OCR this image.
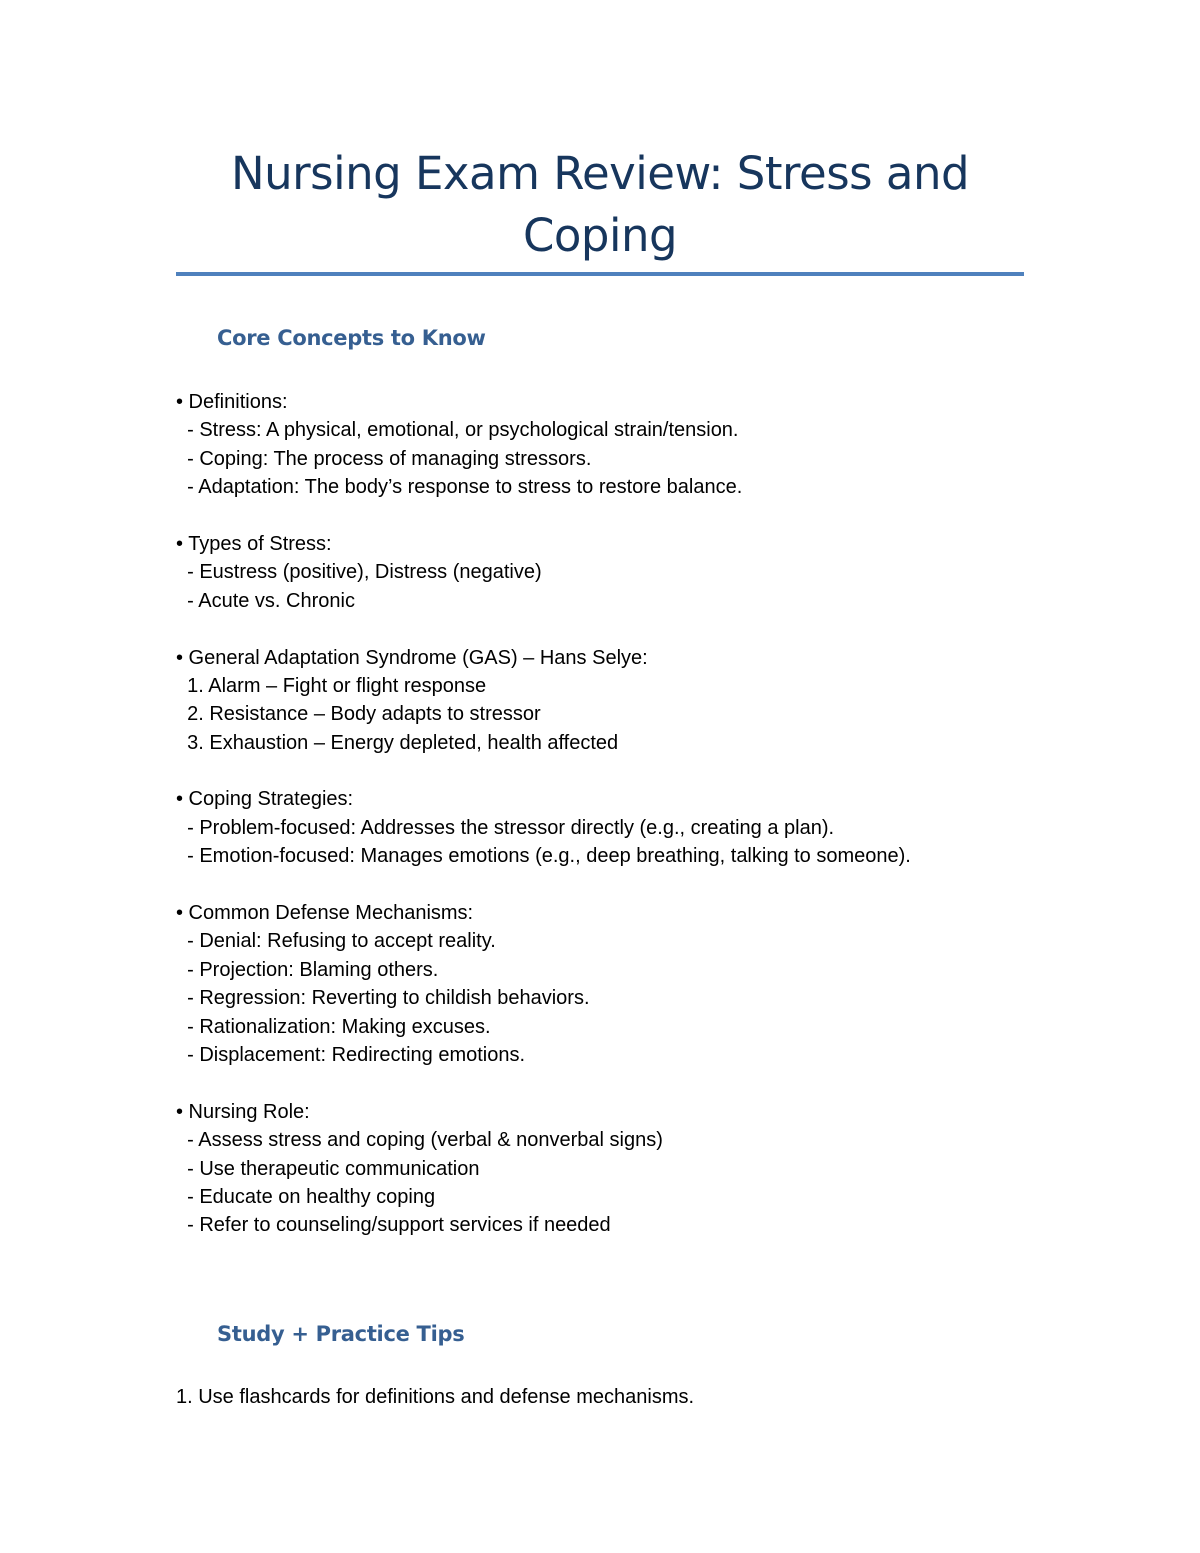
Nursing Exam Review: Stress and Coping
Core Concepts to Know
• Definitions:
- Stress: A physical, emotional, or psychological strain/tension.
- Coping: The process of managing stressors.
- Adaptation: The body’s response to stress to restore balance.
• Types of Stress:
- Eustress (positive), Distress (negative)
- Acute vs. Chronic
• General Adaptation Syndrome (GAS) – Hans Selye:
1. Alarm – Fight or flight response
2. Resistance – Body adapts to stressor
3. Exhaustion – Energy depleted, health affected
• Coping Strategies:
- Problem-focused: Addresses the stressor directly (e.g., creating a plan).
- Emotion-focused: Manages emotions (e.g., deep breathing, talking to someone).
• Common Defense Mechanisms:
- Denial: Refusing to accept reality.
- Projection: Blaming others.
- Regression: Reverting to childish behaviors.
- Rationalization: Making excuses.
- Displacement: Redirecting emotions.
• Nursing Role:
- Assess stress and coping (verbal & nonverbal signs)
- Use therapeutic communication
- Educate on healthy coping
- Refer to counseling/support services if needed
Study + Practice Tips
1. Use flashcards for definitions and defense mechanisms.
